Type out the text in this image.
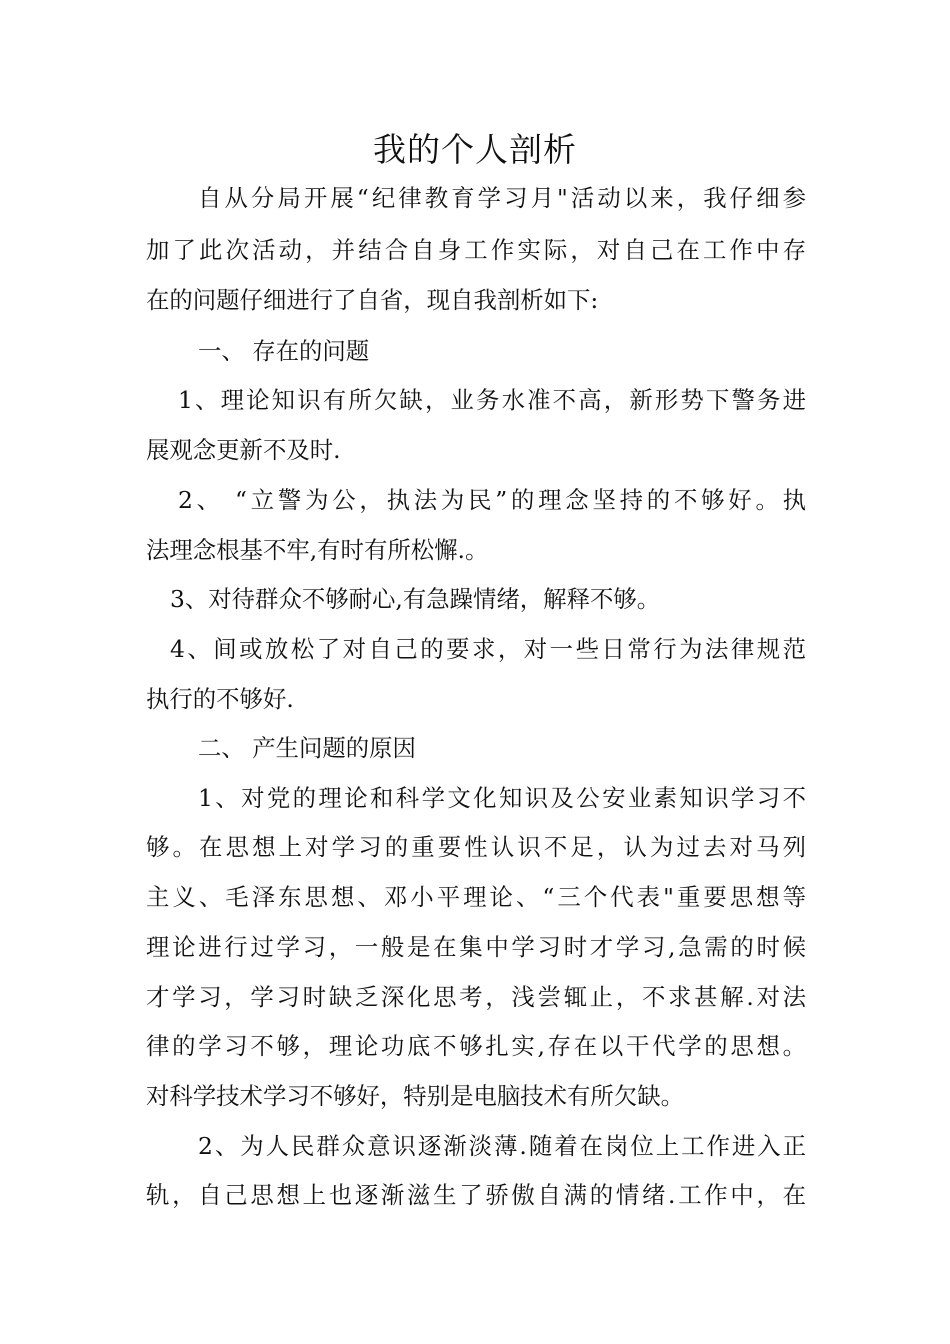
我的个人剖析

自从分局开展“纪律教育学习月"活动以来，我仔细参

加了此次活动，并结合自身工作实际，对自己在工作中存

在的问题仔细进行了自省，现自我剖析如下:

一、 存在的问题

1、理论知识有所欠缺，业务水准不高，新形势下警务进

展观念更新不及时.

2、 “立警为公，执法为民”的理念坚持的不够好。执

法理念根基不牢,有时有所松懈.。

3、对待群众不够耐心,有急躁情绪，解释不够。

4、间或放松了对自己的要求，对一些日常行为法律规范

执行的不够好.

二、 产生问题的原因

1、对党的理论和科学文化知识及公安业素知识学习不

够。在思想上对学习的重要性认识不足，认为过去对马列

主义、毛泽东思想、邓小平理论、“三个代表"重要思想等

理论进行过学习，一般是在集中学习时才学习,急需的时候

才学习，学习时缺乏深化思考，浅尝辄止，不求甚解.对法

律的学习不够，理论功底不够扎实,存在以干代学的思想。

对科学技术学习不够好，特别是电脑技术有所欠缺。

2、为人民群众意识逐渐淡薄.随着在岗位上工作进入正

轨，自己思想上也逐渐滋生了骄傲自满的情绪.工作中，在
